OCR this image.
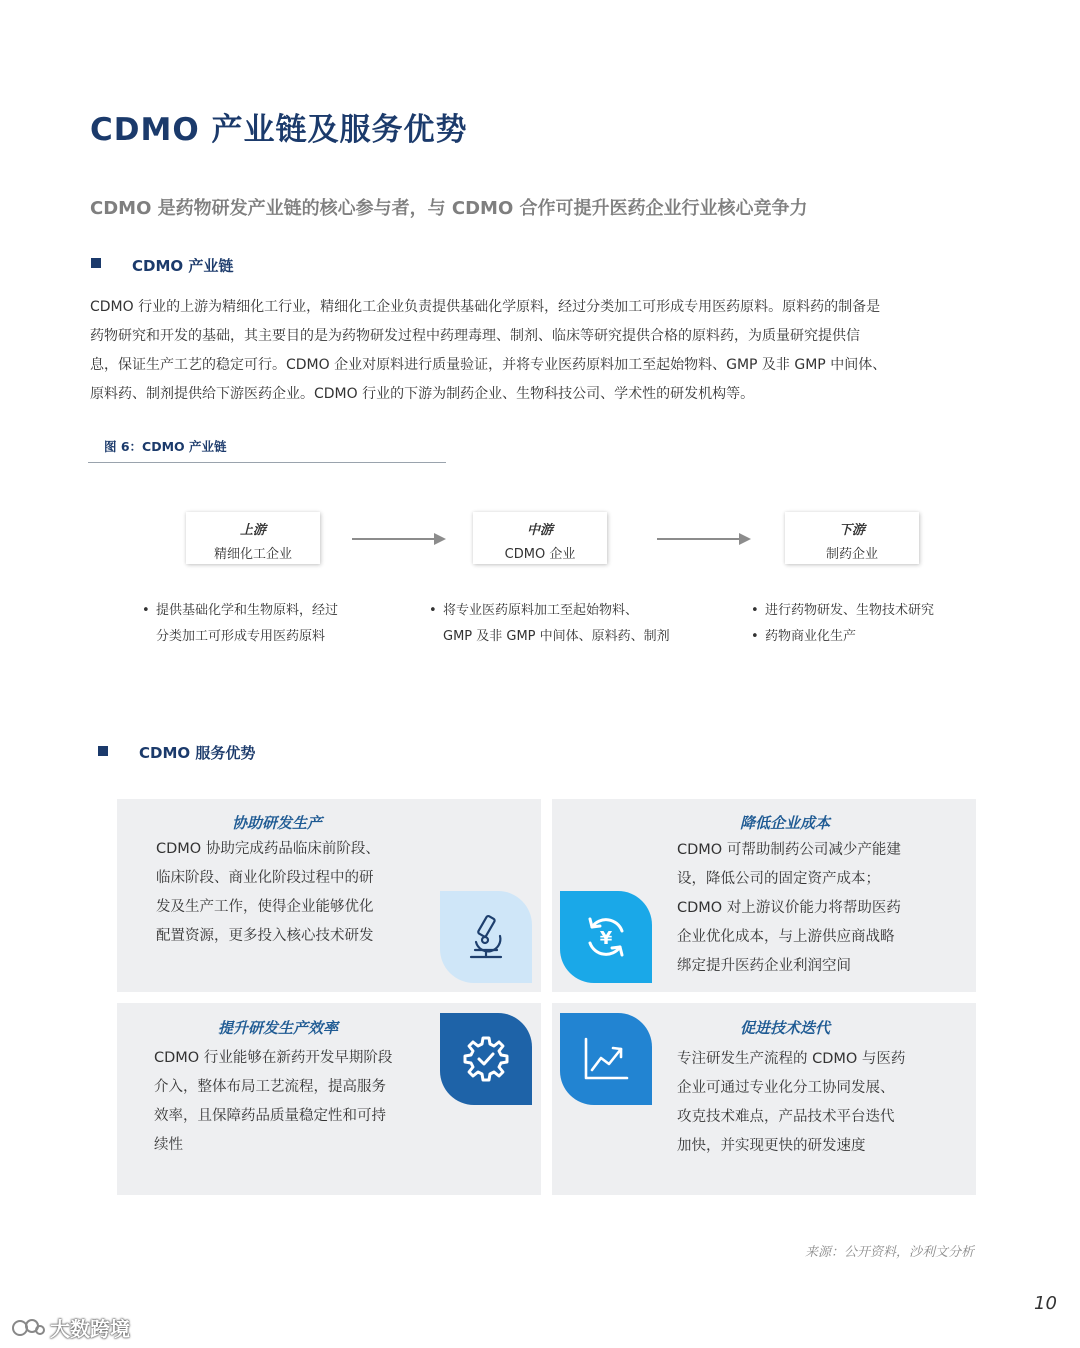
CDMO 产业链及服务优势
CDMO 是药物研发产业链的核心参与者，与 CDMO 合作可提升医药企业行业核心竞争力
CDMO 产业链

CDMO 行业的上游为精细化工行业，精细化工企业负责提供基础化学原料，经过分类加工可形成专用医药原料。原料药的制备是

药物研究和开发的基础，其主要目的是为药物研发过程中药理毒理、制剂、临床等研究提供合格的原料药，为质量研究提供信

息，保证生产工艺的稳定可行。CDMO 企业对原料进行质量验证，并将专业医药原料加工至起始物料、GMP 及非 GMP 中间体、

原料药、制剂提供给下游医药企业。CDMO 行业的下游为制药企业、生物科技公司、学术性的研发机构等。

图 6：CDMO 产业链
上游
精细化工企业
中游
CDMO 企业
下游
制药企业
• 提供基础化学和生物原料，经过
分类加工可形成专用医药原料
• 将专业医药原料加工至起始物料、
GMP 及非 GMP 中间体、原料药、制剂
• 进行药物研发、生物技术研究
• 药物商业化生产
CDMO 服务优势
协助研发生产
CDMO 协助完成药品临床前阶段、
临床阶段、商业化阶段过程中的研
发及生产工作，使得企业能够优化
配置资源，更多投入核心技术研发
降低企业成本
CDMO 可帮助制药公司减少产能建
设，降低公司的固定资产成本；
CDMO 对上游议价能力将帮助医药
企业优化成本，与上游供应商战略
绑定提升医药企业利润空间
¥
提升研发生产效率
CDMO 行业能够在新药开发早期阶段
介入，整体布局工艺流程，提高服务
效率，且保障药品质量稳定性和可持
续性
促进技术迭代
专注研发生产流程的 CDMO 与医药
企业可通过专业化分工协同发展、
攻克技术难点，产品技术平台迭代
加快，并实现更快的研发速度
来源：公开资料，沙利文分析
10
大数跨境
